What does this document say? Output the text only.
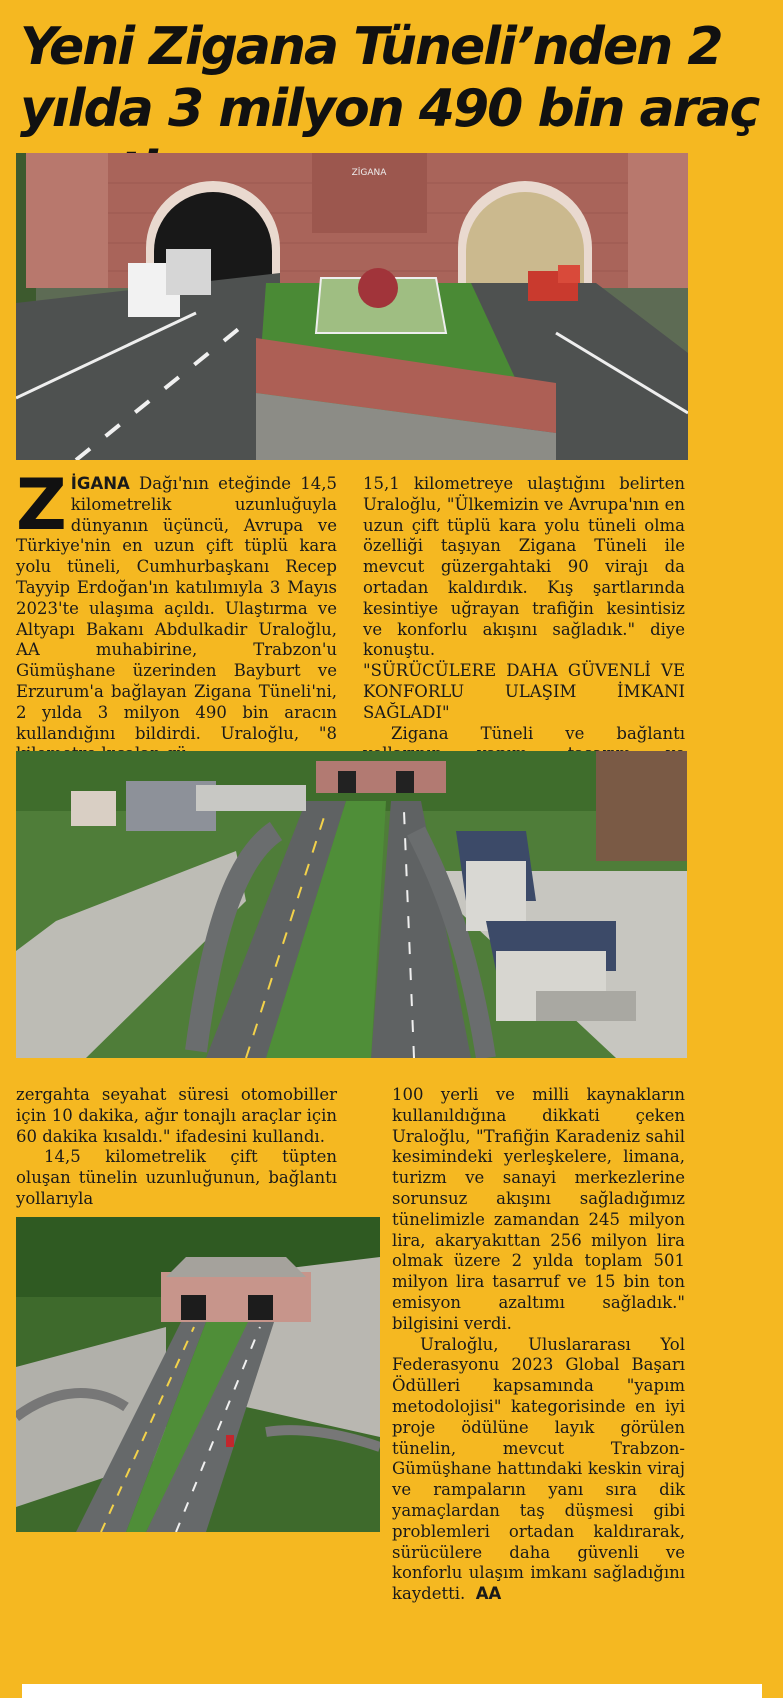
Yeni Zigana Tüneli’nden 2 yılda 3 milyon 490 bin araç
ZİGANA

ZİGANA Dağı'nın eteğinde 14,5 kilometrelik uzunluğuyla dünyanın üçüncü, Avrupa ve Türkiye'nin en uzun çift tüplü kara yolu tüneli, Cumhurbaşkanı Recep Tayyip Erdoğan'ın katılımıyla 3 Mayıs 2023'te ulaşıma açıldı. Ulaştırma ve Altyapı Bakanı Abdulkadir Uraloğlu, AA muhabirine, Trabzon'u Gümüşhane üzerinden Bayburt ve Erzurum'a bağlayan Zigana Tüneli'ni, 2 yılda 3 milyon 490 bin aracın kullandığını bildirdi. Uraloğlu, "8

15,1 kilometreye ulaştığını belirten Uraloğlu, "Ülkemizin ve Avrupa'nın en uzun çift tüplü kara yolu tüneli olma özelliği taşıyan Zigana Tüneli ile mevcut güzergahtaki 90 virajı da ortadan kaldırdık. Kış şartlarında kesintiye uğrayan trafiğin kesintisiz ve konforlu akışını sağladık." diye konuştu.

"SÜRÜCÜLERE DAHA GÜVENLİ VE KONFORLU ULAŞIM İMKANI SAĞLADI"

Zigana Tüneli ve bağlantı

zergahta seyahat süresi otomobiller için 10 dakika, ağır tonajlı araçlar için 60 dakika kısaldı." ifadesini kullandı.

14,5 kilometrelik çift tüpten oluşan tünelin uzunluğunun, bağlantı yollarıyla

100 yerli ve milli kaynakların kullanıldığına dikkati çeken Uraloğlu, "Trafiğin Karadeniz sahil kesimindeki yerleşkelere, limana, turizm ve sanayi merkezlerine sorunsuz akışını sağladığımız tünelimizle zamandan 245 milyon lira, akaryakıttan 256 milyon lira olmak üzere 2 yılda toplam 501 milyon lira tasarruf ve 15 bin ton emisyon azaltımı sağladık." bilgisini verdi.

Uraloğlu, Uluslararası Yol Federasyonu 2023 Global Başarı Ödülleri kapsamında "yapım metodolojisi" kategorisinde en iyi proje ödülüne layık görülen tünelin, mevcut Trabzon-Gümüşhane hattındaki keskin viraj ve rampaların yanı sıra dik yamaçlardan taş düşmesi gibi problemleri ortadan kaldırarak, sürücülere daha güvenli ve konforlu ulaşım imkanı sağladığını kaydetti. AA
